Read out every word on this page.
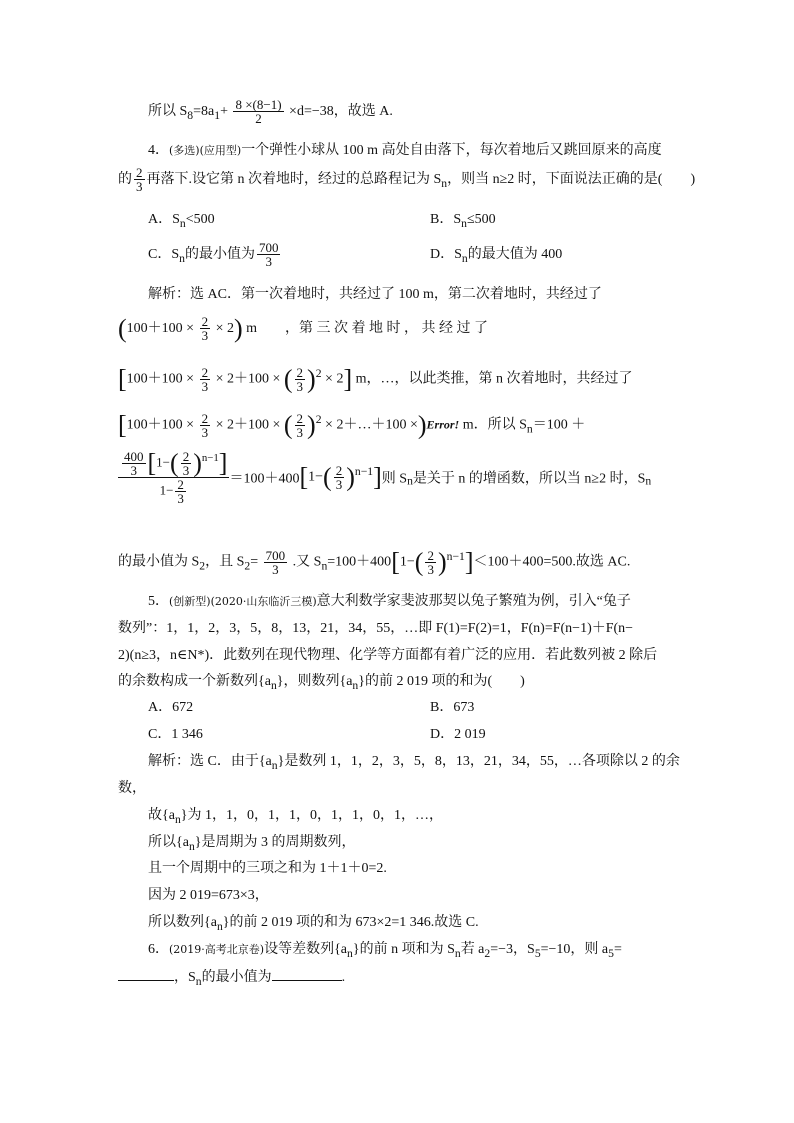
所以 $S_8=8a_1+ \frac{8 \times(8-1)}{2} \times d=-38$，故选 A.
4．(多选)(应用型)一个弹性小球从 100 m 高处自由落下，每次着地后又跳回原来的高度
的 $\frac{2}{3}$ 再落下.设它第 n 次着地时，经过的总路程记为 $S_n$，则当 n≥2 时，下面说法正确的是(　　)
A．$S_n<500$	B．$S_n\le 500$
C．$S_n$的最小值为 $\frac{700}{3}$	D．$S_n$的最大值为 400
解析：选 AC．第一次着地时，共经过了 100 m，第二次着地时，共经过了
$(100+100 \times \frac{2}{3} \times 2)$ m　　，第 三 次 着 地 时 ， 共 经 过 了
[$100+100 \times \frac{2}{3} \times 2+100$ × ( $\frac{2}{3} )^2 \times 2$] m，…，以此类推，第 n 次着地时，共经过了
[$100+100 \times \frac{2}{3} \times 2+100$ × ( $\frac{2}{3} )^2$ × 2＋…＋100 ×)Error! m．所以 $S_n=100$ ＋
$\frac{\frac{400}{3} [1-( \frac{2}{3} )^{n-1}]}{1- \frac{2}{3}} =100+400[1-( \frac{2}{3} )^{n-1}]$则 $S_n$是关于 n 的增函数，所以当 n≥2 时，$S_n$
的最小值为 $S_2$，且 $S_2= \frac{700}{3}$ .又 $S_n=100+400[1-( \frac{2}{3} )^{n-1}]<100+400=500$.故选 AC.
5．(创新型)(2020·山东临沂三模)意大利数学家斐波那契以兔子繁殖为例，引入“兔子
数列”：1，1，2，3，5，8，13，21，34，55，…即 F(1)=F(2)=1，F(n)=F(n−1)＋F(n−
2)(n≥3，n∈N*)．此数列在现代物理、化学等方面都有着广泛的应用．若此数列被 2 除后
的余数构成一个新数列$\{a_n\}$，则数列$\{a_n\}$的前 2 019 项的和为(　　)
A．672	B．673
C．1 346	D．2 019
解析：选 C．由于$\{a_n\}$是数列 1，1，2，3，5，8，13，21，34，55，…各项除以 2 的余
数，
故$\{a_n\}$为 1，1，0，1，1，0，1，1，0，1，…，
所以$\{a_n\}$是周期为 3 的周期数列，
且一个周期中的三项之和为 1＋1＋0=2.
因为 2 019=673×3，
所以数列$\{a_n\}$的前 2 019 项的和为 673×2=1 346.故选 C.
6．(2019·高考北京卷)设等差数列$\{a_n\}$的前 n 项和为 $S_n$若 $a_2=-3$，$S_5=-10$，则 $a_5=$
，$S_n$的最小值为	.
